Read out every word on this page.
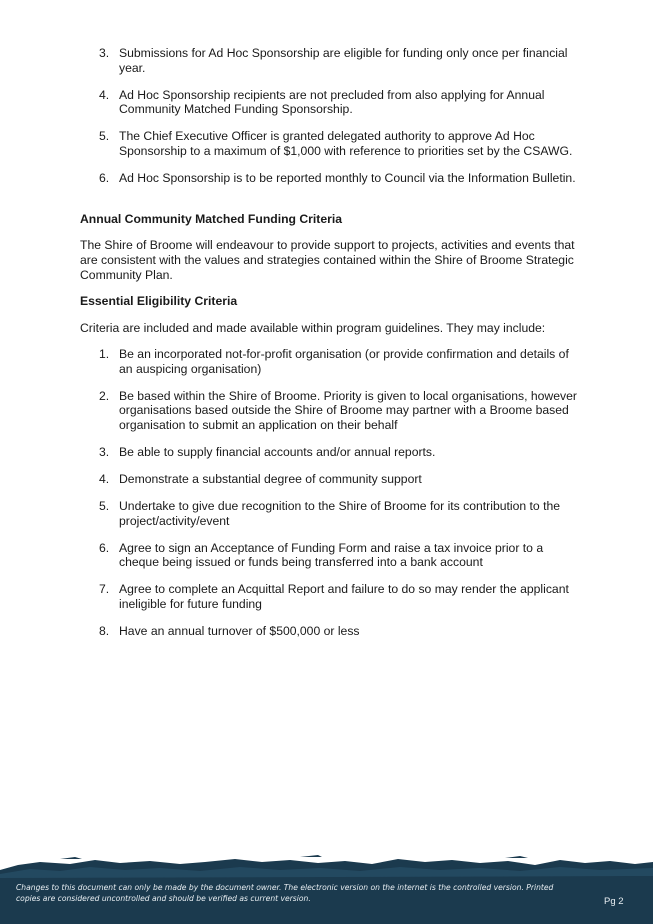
3. Submissions for Ad Hoc Sponsorship are eligible for funding only once per financial year.
4. Ad Hoc Sponsorship recipients are not precluded from also applying for Annual Community Matched Funding Sponsorship.
5. The Chief Executive Officer is granted delegated authority to approve Ad Hoc Sponsorship to a maximum of $1,000 with reference to priorities set by the CSAWG.
6. Ad Hoc Sponsorship is to be reported monthly to Council via the Information Bulletin.

Annual Community Matched Funding Criteria

The Shire of Broome will endeavour to provide support to projects, activities and events that are consistent with the values and strategies contained within the Shire of Broome Strategic Community Plan.

Essential Eligibility Criteria

Criteria are included and made available within program guidelines. They may include:

1. Be an incorporated not-for-profit organisation (or provide confirmation and details of an auspicing organisation)
2. Be based within the Shire of Broome. Priority is given to local organisations, however organisations based outside the Shire of Broome may partner with a Broome based organisation to submit an application on their behalf
3. Be able to supply financial accounts and/or annual reports.
4. Demonstrate a substantial degree of community support
5. Undertake to give due recognition to the Shire of Broome for its contribution to the project/activity/event
6. Agree to sign an Acceptance of Funding Form and raise a tax invoice prior to a cheque being issued or funds being transferred into a bank account
7. Agree to complete an Acquittal Report and failure to do so may render the applicant ineligible for future funding
8. Have an annual turnover of $500,000 or less
Changes to this document can only be made by the document owner. The electronic version on the internet is the controlled version. Printed copies are considered uncontrolled and should be verified as current version.	Pg 2
